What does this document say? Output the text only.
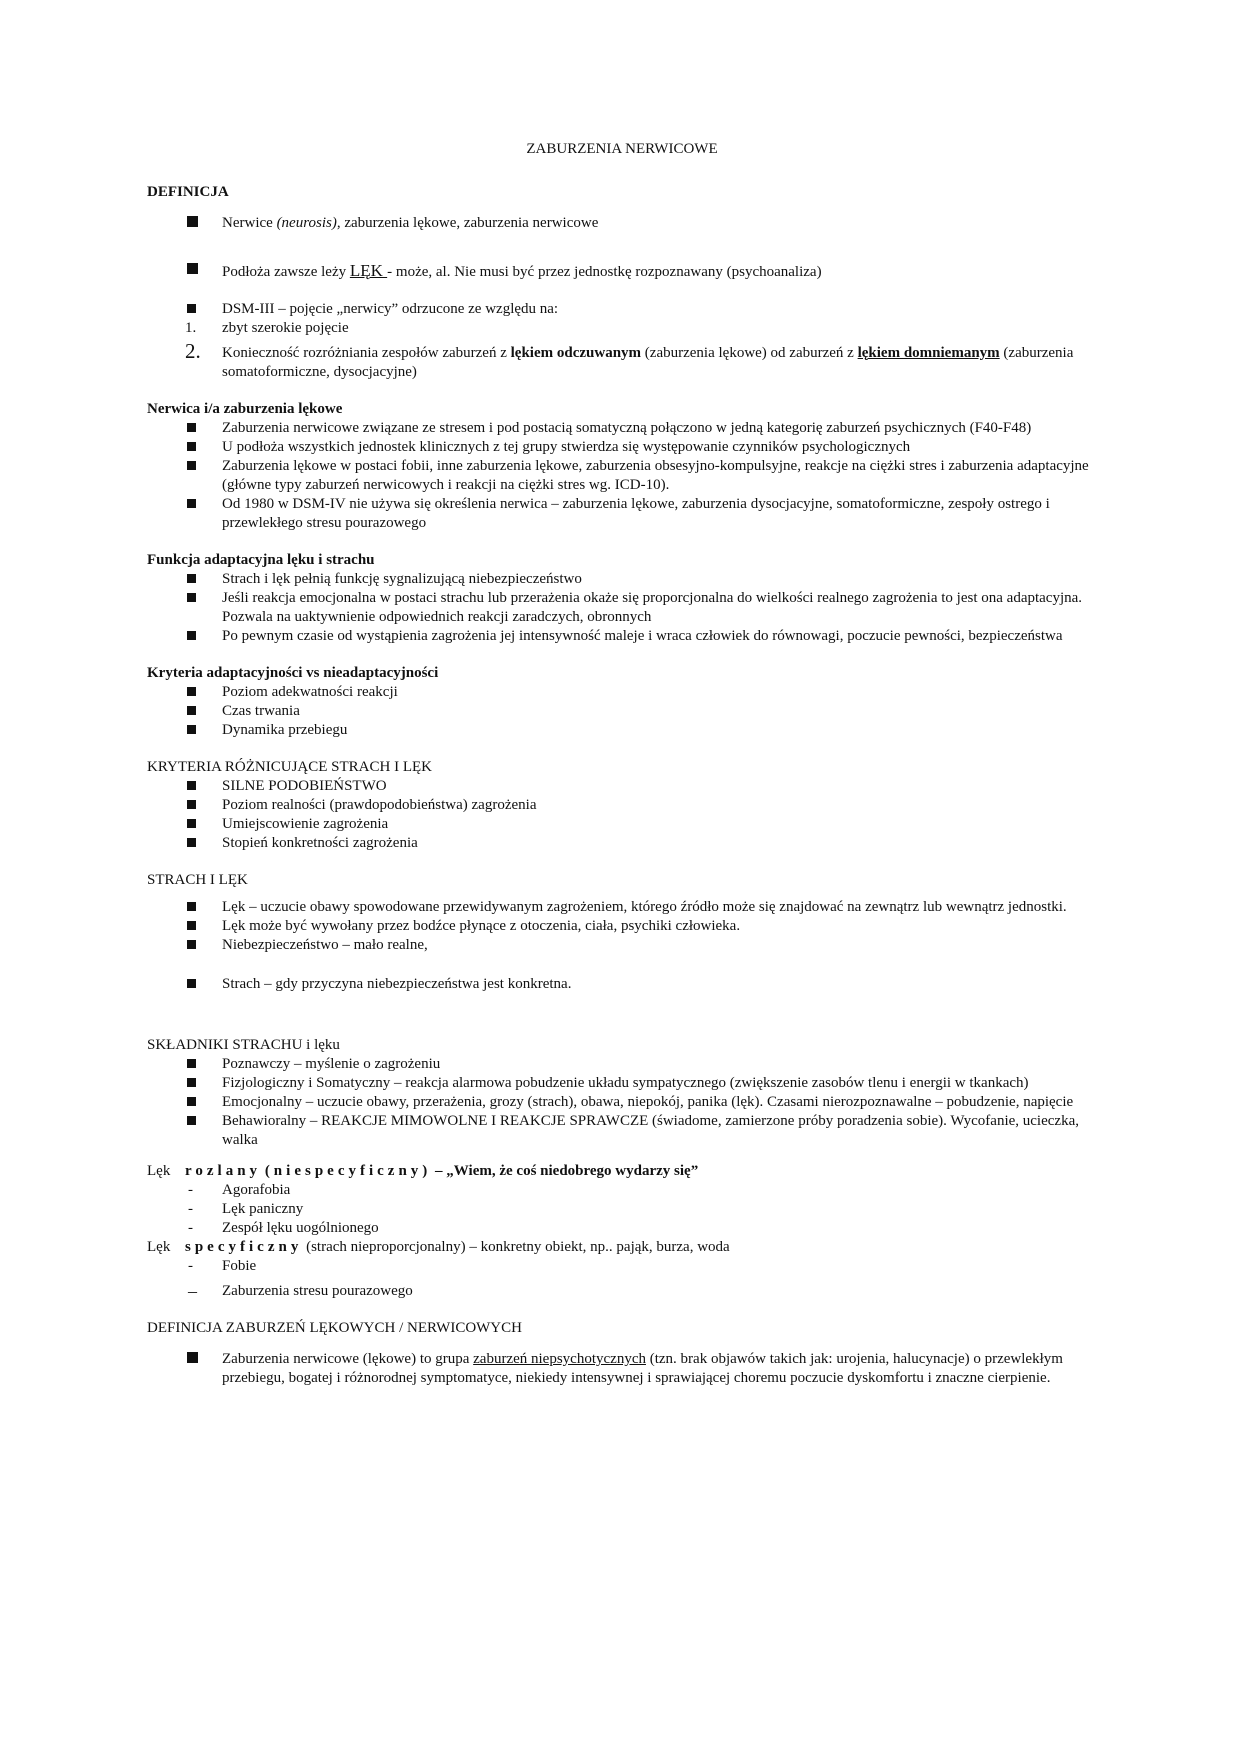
ZABURZENIA NERWICOWE

DEFINICJA

Nerwice (neurosis), zaburzenia lękowe, zaburzenia nerwicowe
Podłoża zawsze leży LĘK - może, al. Nie musi być przez jednostkę rozpoznawany (psychoanaliza)
DSM-III – pojęcie „nerwicy” odrzucone ze względu na:
1. zbyt szerokie pojęcie
2. Konieczność rozróżniania zespołów zaburzeń z lękiem odczuwanym (zaburzenia lękowe) od zaburzeń z lękiem domniemanym (zaburzenia somatoformiczne, dysocjacyjne)

Nerwica i/a zaburzenia lękowe

Zaburzenia nerwicowe związane ze stresem i pod postacią somatyczną połączono w jedną kategorię zaburzeń psychicznych (F40-F48)
U podłoża wszystkich jednostek klinicznych z tej grupy stwierdza się występowanie czynników psychologicznych
Zaburzenia lękowe w postaci fobii, inne zaburzenia lękowe, zaburzenia obsesyjno-kompulsyjne, reakcje na ciężki stres i zaburzenia adaptacyjne (główne typy zaburzeń nerwicowych i reakcji na ciężki stres wg. ICD-10).
Od 1980 w DSM-IV nie używa się określenia nerwica – zaburzenia lękowe, zaburzenia dysocjacyjne, somatoformiczne, zespoły ostrego i przewlekłego stresu pourazowego

Funkcja adaptacyjna lęku i strachu

Strach i lęk pełnią funkcję sygnalizującą niebezpieczeństwo
Jeśli reakcja emocjonalna w postaci strachu lub przerażenia okaże się proporcjonalna do wielkości realnego zagrożenia to jest ona adaptacyjna. Pozwala na uaktywnienie odpowiednich reakcji zaradczych, obronnych
Po pewnym czasie od wystąpienia zagrożenia jej intensywność maleje i wraca człowiek do równowagi, poczucie pewności, bezpieczeństwa

Kryteria adaptacyjności vs nieadaptacyjności

Poziom adekwatności reakcji
Czas trwania
Dynamika przebiegu

KRYTERIA RÓŻNICUJĄCE STRACH I LĘK

SILNE PODOBIEŃSTWO
Poziom realności (prawdopodobieństwa) zagrożenia
Umiejscowienie zagrożenia
Stopień konkretności zagrożenia

STRACH I LĘK

Lęk – uczucie obawy spowodowane przewidywanym zagrożeniem, którego źródło może się znajdować na zewnątrz lub wewnątrz jednostki.
Lęk może być wywołany przez bodźce płynące z otoczenia, ciała, psychiki człowieka.
Niebezpieczeństwo – mało realne,
Strach – gdy przyczyna niebezpieczeństwa jest konkretna.

SKŁADNIKI STRACHU i lęku

Poznawczy – myślenie o zagrożeniu
Fizjologiczny i Somatyczny – reakcja alarmowa pobudzenie układu sympatycznego (zwiększenie zasobów tlenu i energii w tkankach)
Emocjonalny – uczucie obawy, przerażenia, grozy (strach), obawa, niepokój, panika (lęk). Czasami nierozpoznawalne – pobudzenie, napięcie
Behawioralny – REAKCJE MIMOWOLNE I REAKCJE SPRAWCZE (świadome, zamierzone próby poradzenia sobie). Wycofanie, ucieczka, walka

Lęk rozlany (niespecyficzny) – „Wiem, że coś niedobrego wydarzy się”

- Agorafobia
- Lęk paniczny
- Zespół lęku uogólnionego

Lęk specyficzny (strach nieproporcjonalny) – konkretny obiekt, np.. pająk, burza, woda

- Fobie
– Zaburzenia stresu pourazowego

DEFINICJA ZABURZEŃ LĘKOWYCH / NERWICOWYCH

Zaburzenia nerwicowe (lękowe) to grupa zaburzeń niepsychotycznych (tzn. brak objawów takich jak: urojenia, halucynacje) o przewlekłym przebiegu, bogatej i różnorodnej symptomatyce, niekiedy intensywnej i sprawiającej choremu poczucie dyskomfortu i znaczne cierpienie.
